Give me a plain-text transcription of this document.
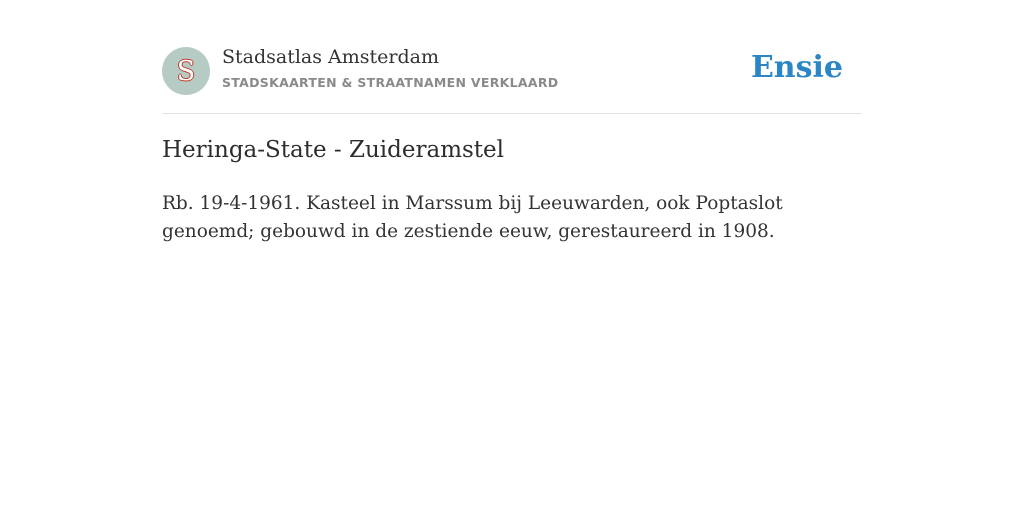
S Stadsatlas Amsterdam
STADSKAARTEN & STRAATNAMEN VERKLAARD	Ensie
Heringa-State - Zuideramstel

Rb. 19-4-1961. Kasteel in Marssum bij Leeuwarden, ook Poptaslot genoemd; gebouwd in de zestiende eeuw, gerestaureerd in 1908.
